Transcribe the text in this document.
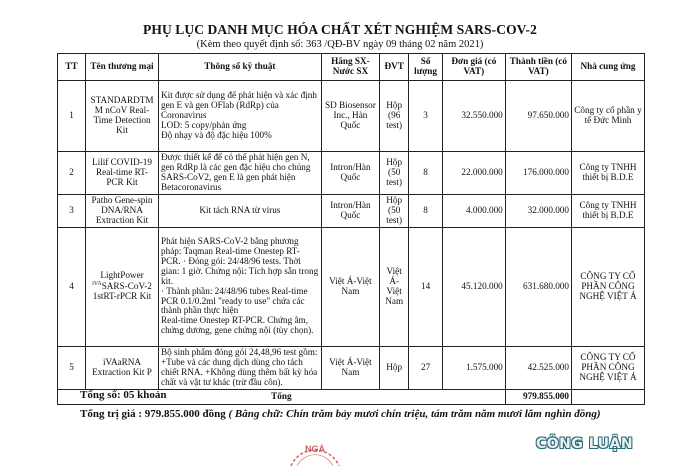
PHỤ LỤC DANH MỤC HÓA CHẤT XÉT NGHIỆM SARS-COV-2
(Kèm theo quyết định số: 363 /QĐ-BV ngày 09 tháng 02 năm 2021)
TT	Tên thương mại	Thông số kỹ thuật	Hãng SX-Nước SX	ĐVT	Số lượng	Đơn giá (có VAT)	Thành tiền (có VAT)	Nhà cung ứng
1	STANDARDTM M nCoV Real-Time Detection Kit	Kit được sử dụng để phát hiện và xác định gen E và gen OFlab (RdRp) của Coronavirus
LOD: 5 copy/phản ứng
Độ nhạy và độ đặc hiệu 100%	SD Biosensor Inc., Hàn Quốc	Hộp (96 test)	3	32.550.000	97.650.000	Công ty cổ phần y tế Đức Minh
2	Lilif COVID-19 Real-time RT-PCR Kit	Được thiết kế để có thể phát hiện gen N, gen RdRp là các gen đặc hiệu cho chủng SARS-CoV2, gen E là gen phát hiện Betacoronavirus	Intron/Hàn Quốc	Hộp (50 test)	8	22.000.000	176.000.000	Công ty TNHH thiết bị B.D.E
3	Patho Gene-spin DNA/RNA Extraction Kit	Kit tách RNA từ virus	Intron/Hàn Quốc	Hộp (50 test)	8	4.000.000	32.000.000	Công ty TNHH thiết bị B.D.E
4	LightPower $^{iVA}$SARS-CoV-2 1stRT-rPCR Kit	Phát hiện SARS-CoV-2 bằng phương pháp: Taqman Real-time Onestep RT-PCR. · Đóng gói: 24/48/96 tests. Thời gian: 1 giờ. Chứng nội: Tích hợp sẵn trong kit.
· Thành phần: 24/48/96 tubes Real-time PCR 0.1/0.2ml "ready to use" chứa các thành phần thực hiện
Real-time Onestep RT-PCR. Chứng âm, chứng dương, gene chứng nội (tùy chọn).	Việt Á-Việt Nam	Việt Á-Việt Nam	14	45.120.000	631.680.000	CÔNG TY CỔ PHẦN CÔNG NGHỆ VIỆT Á
5	iVAaRNA Extraction Kit P	Bộ sinh phẩm đóng gói 24,48,96 test gồm: +Tube và các dung dịch dùng cho tách chiết RNA. +Không dùng thêm bất kỳ hóa chất và vật tư khác (trừ đầu côn).	Việt Á-Việt Nam	Hộp	27	1.575.000	42.525.000	CÔNG TY CỔ PHẦN CÔNG NGHỆ VIỆT Á
Tổng							979.855.000	
Tổng số: 05 khoản
Tổng trị giá : 979.855.000 đồng ( Bằng chữ: Chín trăm bảy mươi chín triệu, tám trăm năm mươi lăm nghìn đồng)
NGÀ	CÔNG LUẬN
